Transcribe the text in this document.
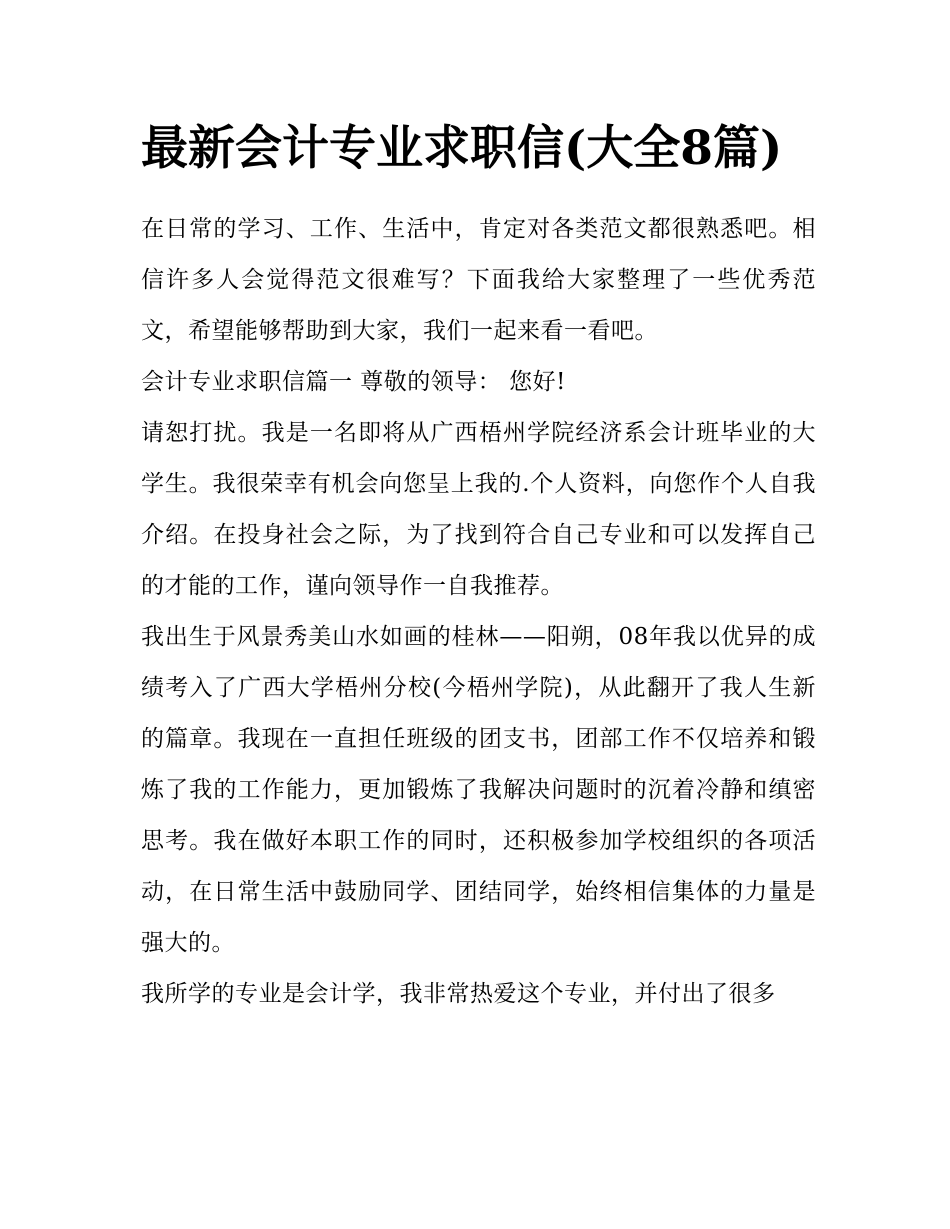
最新会计专业求职信(大全8篇)

在日常的学习、工作、生活中，肯定对各类范文都很熟悉吧。相信许多人会觉得范文很难写？下面我给大家整理了一些优秀范文，希望能够帮助到大家，我们一起来看一看吧。

会计专业求职信篇一 尊敬的领导： 您好!

请恕打扰。我是一名即将从广西梧州学院经济系会计班毕业的大学生。我很荣幸有机会向您呈上我的.个人资料，向您作个人自我介绍。在投身社会之际，为了找到符合自己专业和可以发挥自己的才能的工作，谨向领导作一自我推荐。

我出生于风景秀美山水如画的桂林——阳朔，08年我以优异的成绩考入了广西大学梧州分校(今梧州学院)，从此翻开了我人生新的篇章。我现在一直担任班级的团支书，团部工作不仅培养和锻炼了我的工作能力，更加锻炼了我解决问题时的沉着冷静和缜密思考。我在做好本职工作的同时，还积极参加学校组织的各项活动，在日常生活中鼓励同学、团结同学，始终相信集体的力量是强大的。

我所学的专业是会计学，我非常热爱这个专业，并付出了很多
